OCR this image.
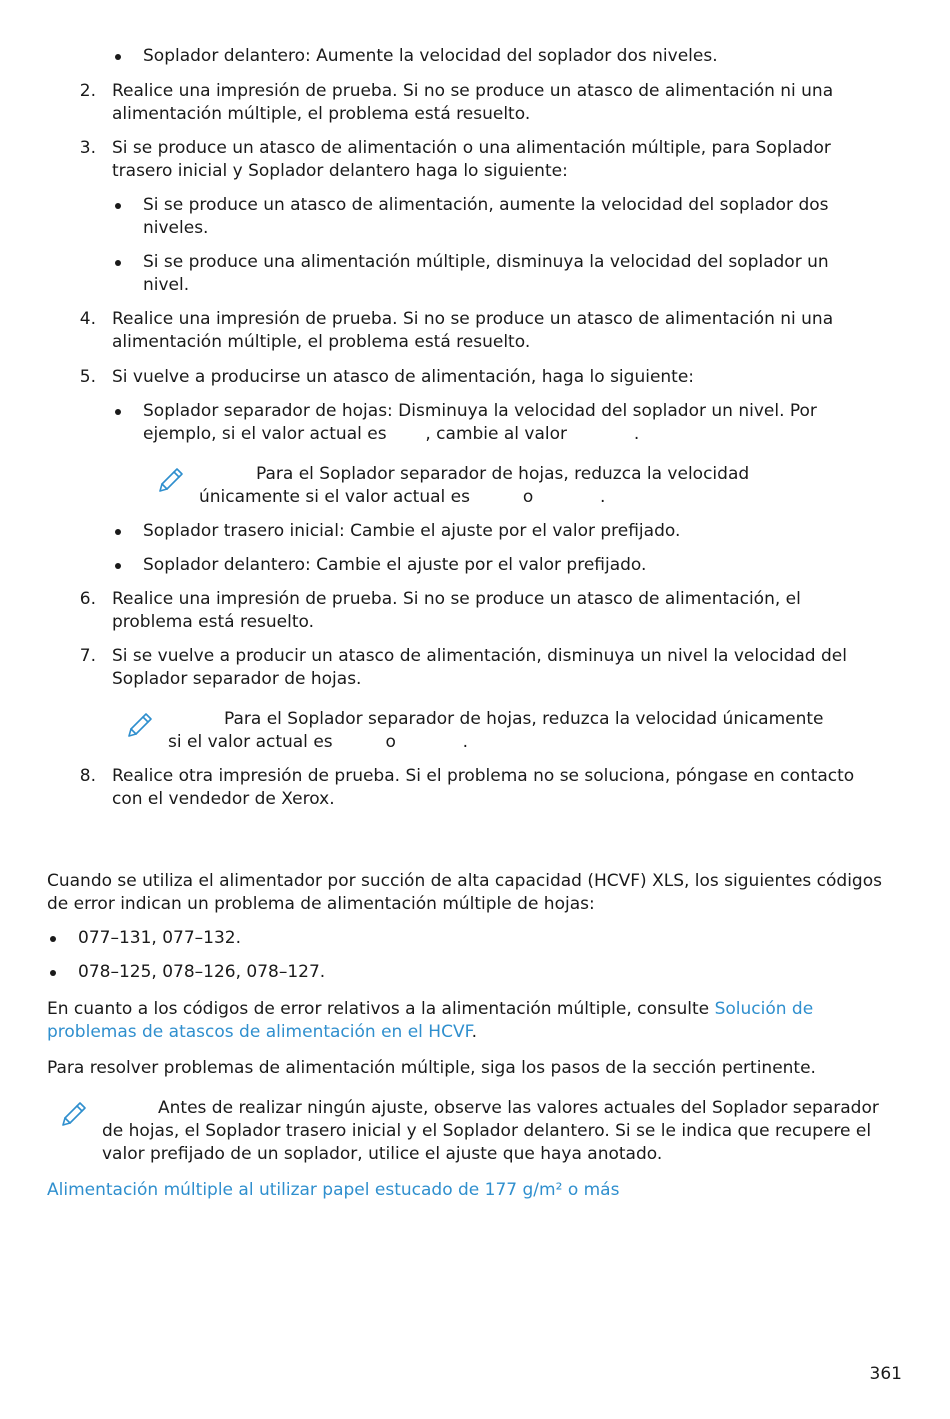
Soplador delantero: Aumente la velocidad del soplador dos niveles.
2. Realice una impresión de prueba. Si no se produce un atasco de alimentación ni una
alimentación múltiple, el problema está resuelto.
3. Si se produce un atasco de alimentación o una alimentación múltiple, para Soplador
trasero inicial y Soplador delantero haga lo siguiente:
Si se produce un atasco de alimentación, aumente la velocidad del soplador dos
niveles.
Si se produce una alimentación múltiple, disminuya la velocidad del soplador un
nivel.
4. Realice una impresión de prueba. Si no se produce un atasco de alimentación ni una
alimentación múltiple, el problema está resuelto.
5. Si vuelve a producirse un atasco de alimentación, haga lo siguiente:
Soplador separador de hojas: Disminuya la velocidad del soplador un nivel. Por
ejemplo, si el valor actual es , cambie al valor	.
Para el Soplador separador de hojas, reduzca la velocidad
únicamente si el valor actual es	o	.
Soplador trasero inicial: Cambie el ajuste por el valor prefijado.
Soplador delantero: Cambie el ajuste por el valor prefijado.
6. Realice una impresión de prueba. Si no se produce un atasco de alimentación, el
problema está resuelto.
7. Si se vuelve a producir un atasco de alimentación, disminuya un nivel la velocidad del
Soplador separador de hojas.
Para el Soplador separador de hojas, reduzca la velocidad únicamente
si el valor actual es	o	.
8. Realice otra impresión de prueba. Si el problema no se soluciona, póngase en contacto
con el vendedor de Xerox.
Cuando se utiliza el alimentador por succión de alta capacidad (HCVF) XLS, los siguientes códigos
de error indican un problema de alimentación múltiple de hojas:
077–131, 077–132.
078–125, 078–126, 078–127.
En cuanto a los códigos de error relativos a la alimentación múltiple, consulte Solución de
problemas de atascos de alimentación en el HCVF.
Para resolver problemas de alimentación múltiple, siga los pasos de la sección pertinente.
Antes de realizar ningún ajuste, observe las valores actuales del Soplador separador
de hojas, el Soplador trasero inicial y el Soplador delantero. Si se le indica que recupere el
valor prefijado de un soplador, utilice el ajuste que haya anotado.
Alimentación múltiple al utilizar papel estucado de 177 g/m² o más
361
